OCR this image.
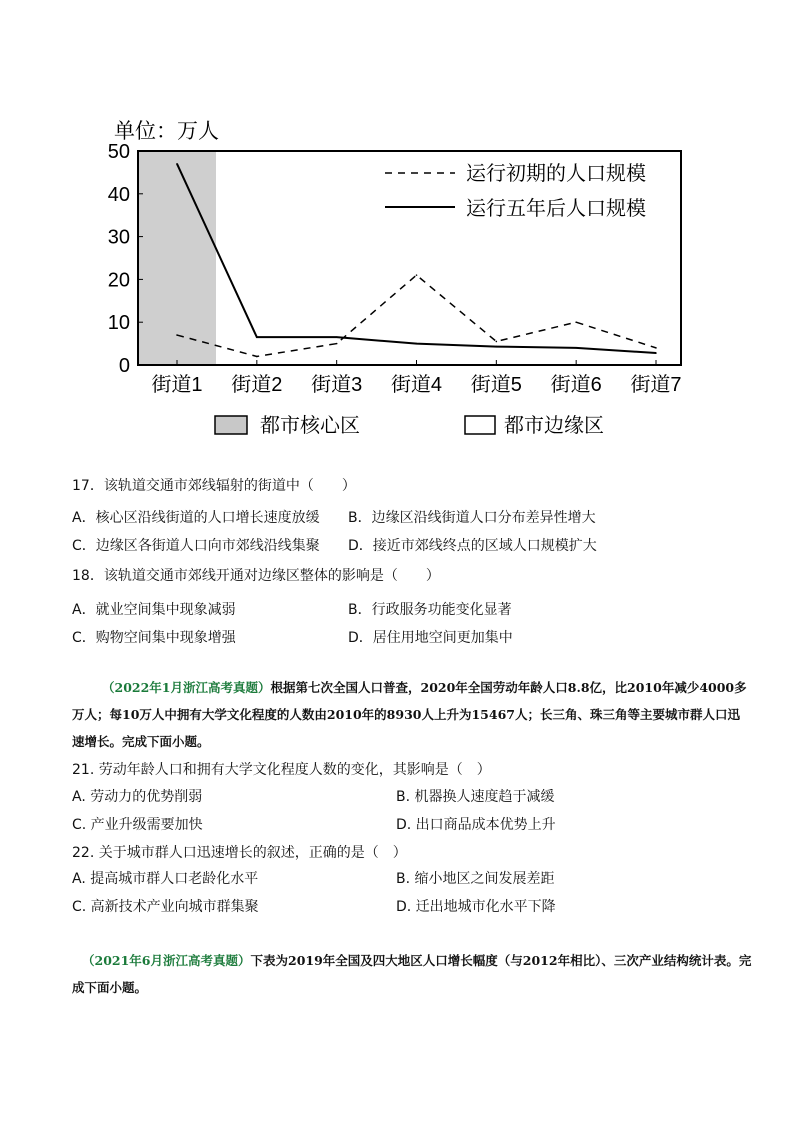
单位：万人
0
10
20
30
40
50
街道1 街道2 街道3 街道4 街道5 街道6 街道7
运行初期的人口规模
运行五年后人口规模
都市核心区	都市边缘区
17．该轨道交通市郊线辐射的街道中（　　）
A．核心区沿线街道的人口增长速度放缓 B．边缘区沿线街道人口分布差异性增大
C．边缘区各街道人口向市郊线沿线集聚 D．接近市郊线终点的区域人口规模扩大
18．该轨道交通市郊线开通对边缘区整体的影响是（　　）
A．就业空间集中现象减弱	B．行政服务功能变化显著
C．购物空间集中现象增强	D．居住用地空间更加集中
（2022年1月浙江高考真题）根据第七次全国人口普查，2020年全国劳动年龄人口8.8亿，比2010年减少4000多万人；每10万人中拥有大学文化程度的人数由2010年的8930人上升为15467人；长三角、珠三角等主要城市群人口迅速增长。完成下面小题。
21. 劳动年龄人口和拥有大学文化程度人数的变化，其影响是（　）
A. 劳动力的优势削弱	B. 机器换人速度趋于减缓
C. 产业升级需要加快	D. 出口商品成本优势上升
22. 关于城市群人口迅速增长的叙述，正确的是（　）
A. 提高城市群人口老龄化水平	B. 缩小地区之间发展差距
C. 高新技术产业向城市群集聚	D. 迁出地城市化水平下降
（2021年6月浙江高考真题）下表为2019年全国及四大地区人口增长幅度（与2012年相比）、三次产业结构统计表。完成下面小题。
